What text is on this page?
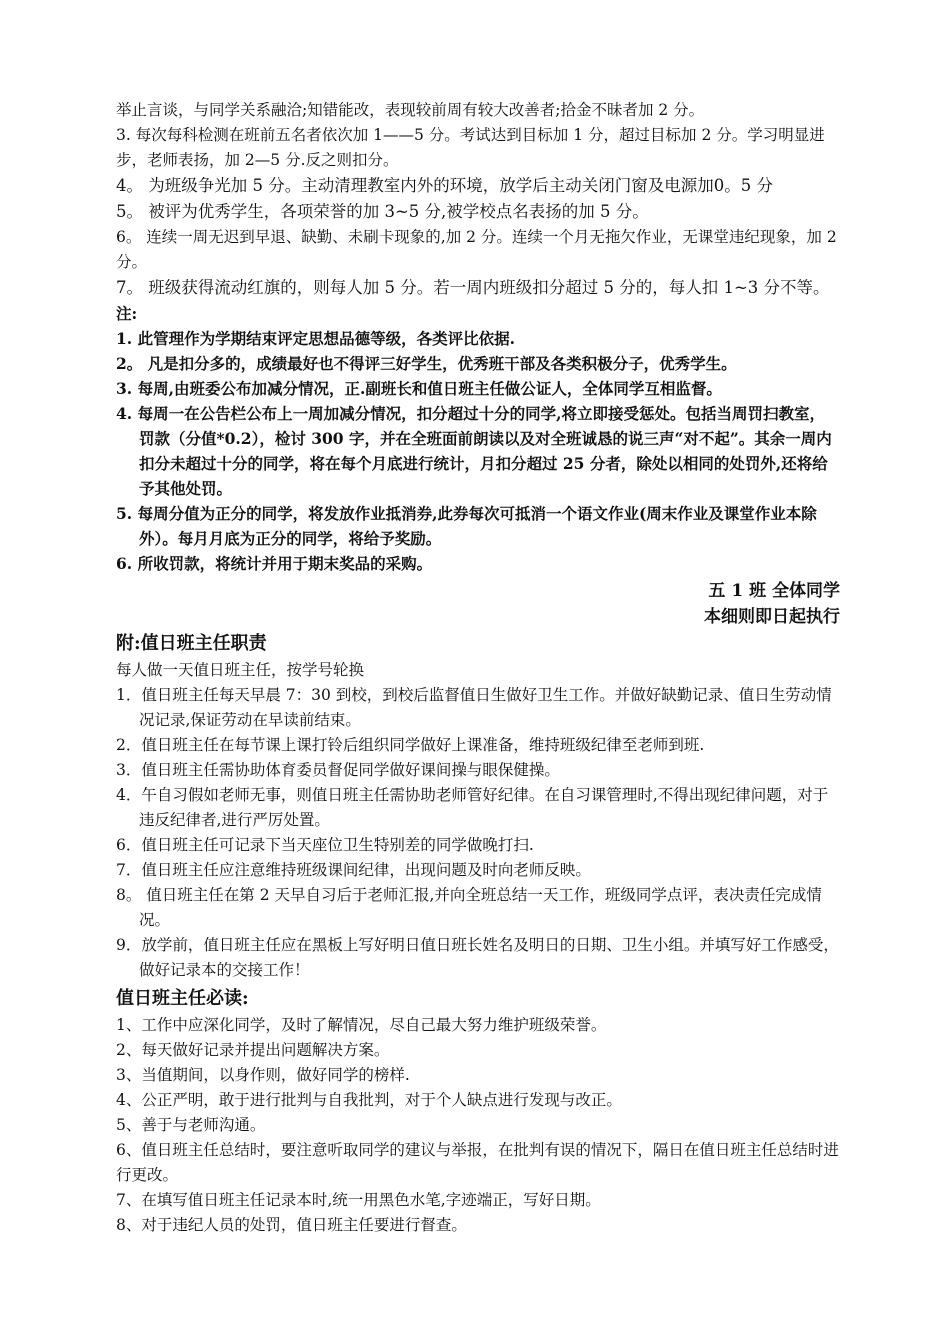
举止言谈，与同学关系融洽;知错能改，表现较前周有较大改善者;拾金不昧者加 2 分。

3. 每次每科检测在班前五名者依次加 1——5 分。考试达到目标加 1 分，超过目标加 2 分。学习明显进步，老师表扬，加 2—5 分.反之则扣分。

4。 为班级争光加 5 分。主动清理教室内外的环境，放学后主动关闭门窗及电源加0。5 分

5。 被评为优秀学生，各项荣誉的加 3~5 分,被学校点名表扬的加 5 分。

6。 连续一周无迟到早退、缺勤、未刷卡现象的,加 2 分。连续一个月无拖欠作业，无课堂违纪现象，加 2 分。

7。 班级获得流动红旗的，则每人加 5 分。若一周内班级扣分超过 5 分的，每人扣 1~3 分不等。

注:

1. 此管理作为学期结束评定思想品德等级，各类评比依据.

2。 凡是扣分多的，成绩最好也不得评三好学生，优秀班干部及各类积极分子，优秀学生。

3. 每周,由班委公布加减分情况，正.副班长和值日班主任做公证人，全体同学互相监督。

4. 每周一在公告栏公布上一周加减分情况，扣分超过十分的同学,将立即接受惩处。包括当周罚扫教室，罚款（分值*0.2），检讨 300 字，并在全班面前朗读以及对全班诚恳的说三声“对不起”。其余一周内扣分未超过十分的同学，将在每个月底进行统计，月扣分超过 25 分者，除处以相同的处罚外,还将给予其他处罚。

5. 每周分值为正分的同学，将发放作业抵消券,此券每次可抵消一个语文作业(周末作业及课堂作业本除外）。每月月底为正分的同学，将给予奖励。

6. 所收罚款，将统计并用于期末奖品的采购。

五 1 班 全体同学

本细则即日起执行

附:值日班主任职责

每人做一天值日班主任，按学号轮换

1．值日班主任每天早晨 7：30 到校，到校后监督值日生做好卫生工作。并做好缺勤记录、值日生劳动情况记录,保证劳动在早读前结束。

2．值日班主任在每节课上课打铃后组织同学做好上课准备，维持班级纪律至老师到班.

3．值日班主任需协助体育委员督促同学做好课间操与眼保健操。

4．午自习假如老师无事，则值日班主任需协助老师管好纪律。在自习课管理时,不得出现纪律问题，对于违反纪律者,进行严厉处置。

6．值日班主任可记录下当天座位卫生特别差的同学做晚打扫.

7．值日班主任应注意维持班级课间纪律，出现问题及时向老师反映。

8。 值日班主任在第 2 天早自习后于老师汇报,并向全班总结一天工作，班级同学点评，表决责任完成情况。

9．放学前，值日班主任应在黑板上写好明日值日班长姓名及明日的日期、卫生小组。并填写好工作感受，做好记录本的交接工作！

值日班主任必读:

1、工作中应深化同学，及时了解情况，尽自己最大努力维护班级荣誉。

2、每天做好记录并提出问题解决方案。

3、当值期间，以身作则，做好同学的榜样.

4、公正严明，敢于进行批判与自我批判，对于个人缺点进行发现与改正。

5、善于与老师沟通。

6、值日班主任总结时，要注意听取同学的建议与举报，在批判有误的情况下，隔日在值日班主任总结时进行更改。

7、在填写值日班主任记录本时,统一用黑色水笔,字迹端正，写好日期。

8、对于违纪人员的处罚，值日班主任要进行督查。
